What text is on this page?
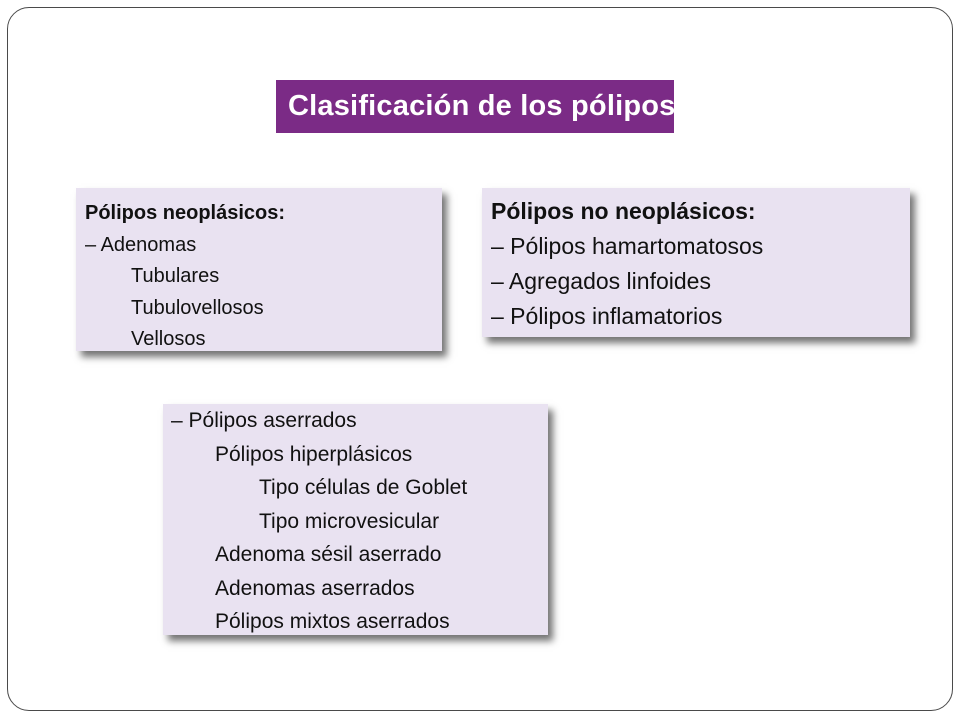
Clasificación de los pólipos
Pólipos neoplásicos:
– Adenomas
Tubulares
Tubulovellosos
Vellosos
Pólipos no neoplásicos:
– Pólipos hamartomatosos
– Agregados linfoides
– Pólipos inflamatorios
– Pólipos aserrados
Pólipos hiperplásicos
Tipo células de Goblet
Tipo microvesicular
Adenoma sésil aserrado
Adenomas aserrados
Pólipos mixtos aserrados
